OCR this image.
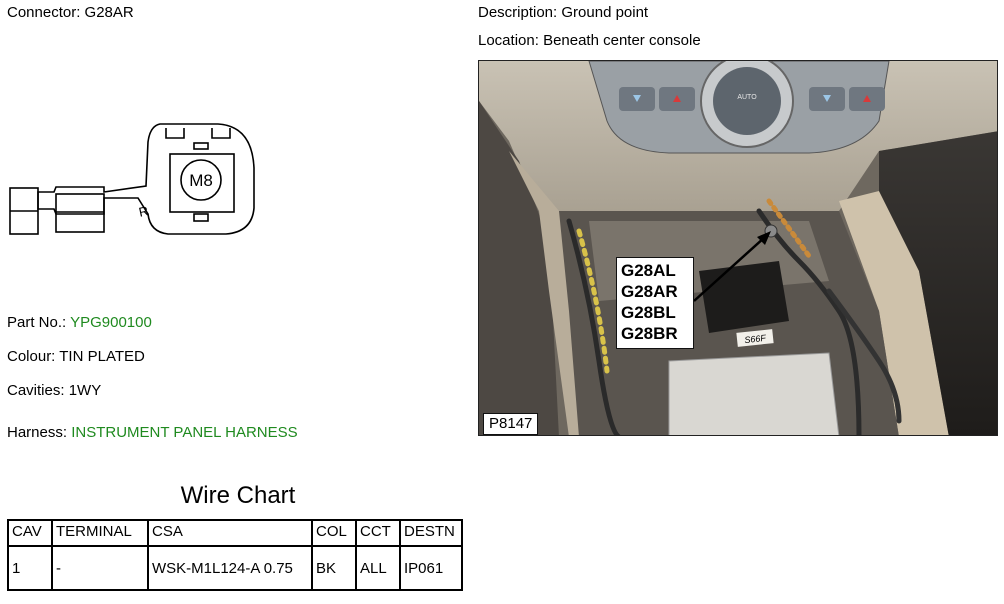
Connector: G28AR
M8
R
Part No.: YPG900100
Colour: TIN PLATED
Cavities: 1WY
Harness: INSTRUMENT PANEL HARNESS
Description: Ground point
Location: Beneath center console
AUTO
S66F
G28AL
G28AR
G28BL
G28BR
P8147
Wire Chart
CAV	TERMINAL	CSA	COL	CCT	DESTN
1	-	WSK-M1L124-A 0.75	BK	ALL	IP061
